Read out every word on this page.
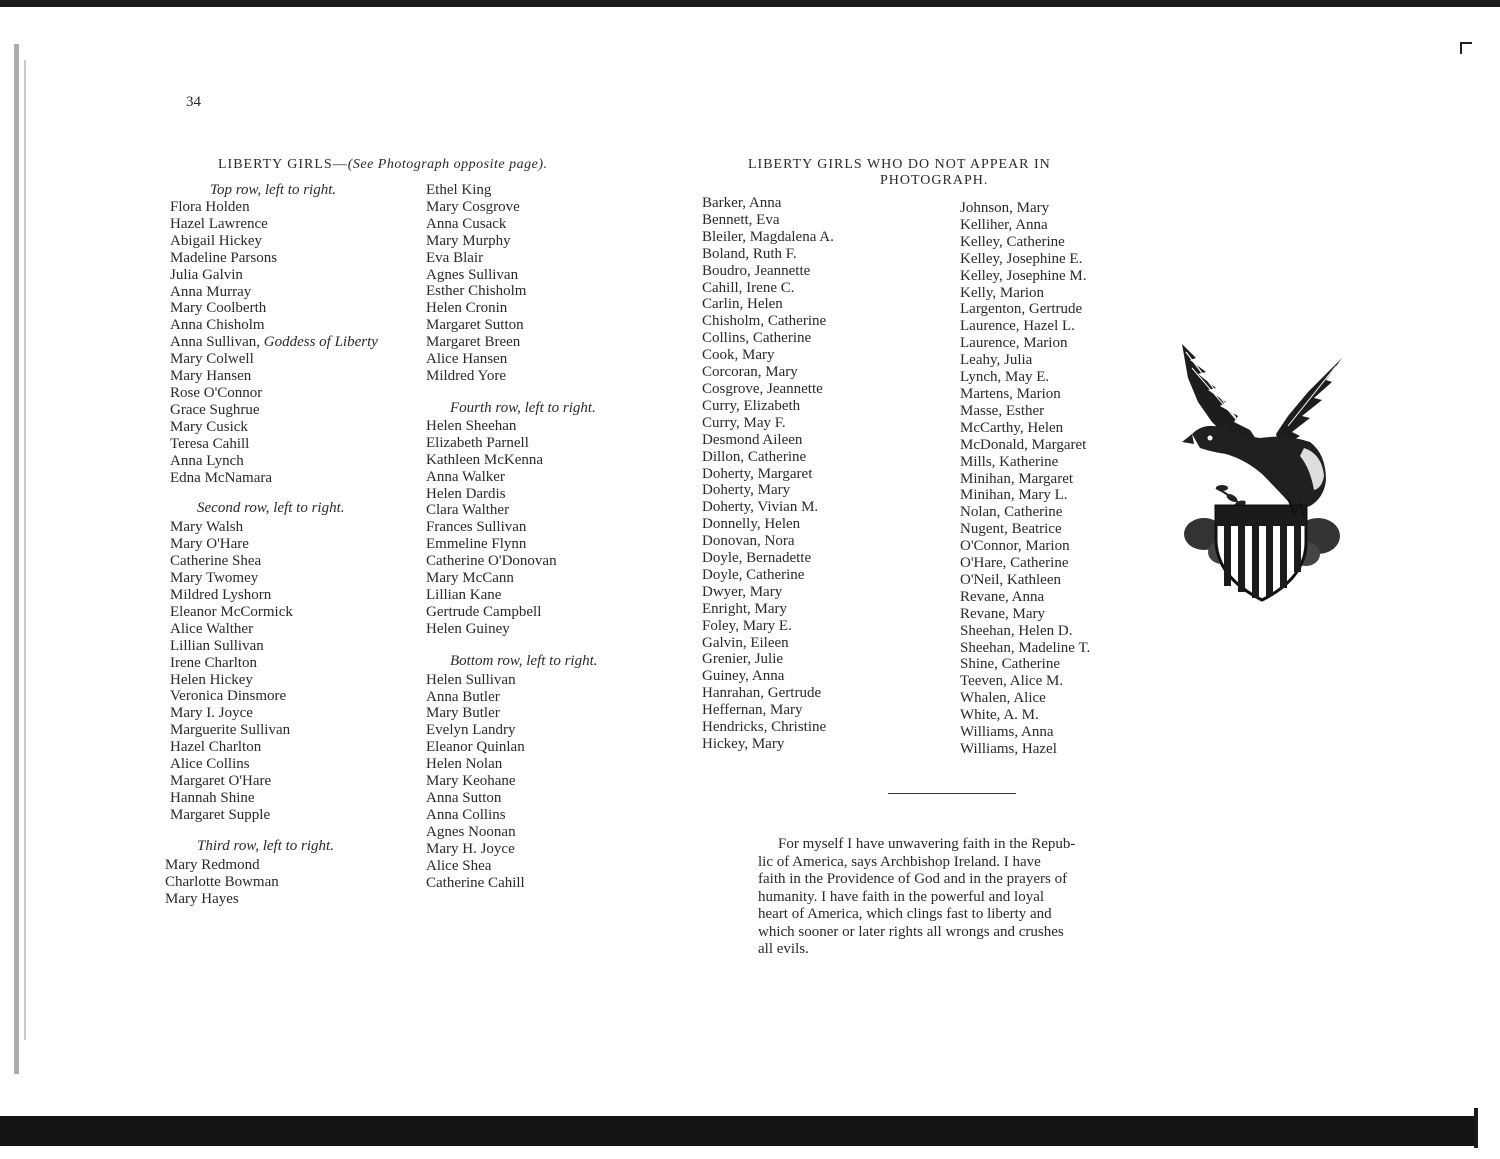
34
LIBERTY GIRLS—(See Photograph opposite page).
Top row, left to right.
Flora Holden
Hazel Lawrence
Abigail Hickey
Madeline Parsons
Julia Galvin
Anna Murray
Mary Coolberth
Anna Chisholm
Anna Sullivan, Goddess of Liberty
Mary Colwell
Mary Hansen
Rose O'Connor
Grace Sughrue
Mary Cusick
Teresa Cahill
Anna Lynch
Edna McNamara
Second row, left to right.
Mary Walsh
Mary O'Hare
Catherine Shea
Mary Twomey
Mildred Lyshorn
Eleanor McCormick
Alice Walther
Lillian Sullivan
Irene Charlton
Helen Hickey
Veronica Dinsmore
Mary I. Joyce
Marguerite Sullivan
Hazel Charlton
Alice Collins
Margaret O'Hare
Hannah Shine
Margaret Supple
Third row, left to right.
Mary Redmond
Charlotte Bowman
Mary Hayes
Ethel King
Mary Cosgrove
Anna Cusack
Mary Murphy
Eva Blair
Agnes Sullivan
Esther Chisholm
Helen Cronin
Margaret Sutton
Margaret Breen
Alice Hansen
Mildred Yore
Fourth row, left to right.
Helen Sheehan
Elizabeth Parnell
Kathleen McKenna
Anna Walker
Helen Dardis
Clara Walther
Frances Sullivan
Emmeline Flynn
Catherine O'Donovan
Mary McCann
Lillian Kane
Gertrude Campbell
Helen Guiney
Bottom row, left to right.
Helen Sullivan
Anna Butler
Mary Butler
Evelyn Landry
Eleanor Quinlan
Helen Nolan
Mary Keohane
Anna Sutton
Anna Collins
Agnes Noonan
Mary H. Joyce
Alice Shea
Catherine Cahill
LIBERTY GIRLS WHO DO NOT APPEAR IN
PHOTOGRAPH.
Barker, Anna
Bennett, Eva
Bleiler, Magdalena A.
Boland, Ruth F.
Boudro, Jeannette
Cahill, Irene C.
Carlin, Helen
Chisholm, Catherine
Collins, Catherine
Cook, Mary
Corcoran, Mary
Cosgrove, Jeannette
Curry, Elizabeth
Curry, May F.
Desmond Aileen
Dillon, Catherine
Doherty, Margaret
Doherty, Mary
Doherty, Vivian M.
Donnelly, Helen
Donovan, Nora
Doyle, Bernadette
Doyle, Catherine
Dwyer, Mary
Enright, Mary
Foley, Mary E.
Galvin, Eileen
Grenier, Julie
Guiney, Anna
Hanrahan, Gertrude
Heffernan, Mary
Hendricks, Christine
Hickey, Mary
Johnson, Mary
Kelliher, Anna
Kelley, Catherine
Kelley, Josephine E.
Kelley, Josephine M.
Kelly, Marion
Largenton, Gertrude
Laurence, Hazel L.
Laurence, Marion
Leahy, Julia
Lynch, May E.
Martens, Marion
Masse, Esther
McCarthy, Helen
McDonald, Margaret
Mills, Katherine
Minihan, Margaret
Minihan, Mary L.
Nolan, Catherine
Nugent, Beatrice
O'Connor, Marion
O'Hare, Catherine
O'Neil, Kathleen
Revane, Anna
Revane, Mary
Sheehan, Helen D.
Sheehan, Madeline T.
Shine, Catherine
Teeven, Alice M.
Whalen, Alice
White, A. M.
Williams, Anna
Williams, Hazel
For myself I have unwavering faith in the Repub-
lic of America, says Archbishop Ireland. I have
faith in the Providence of God and in the prayers of
humanity. I have faith in the powerful and loyal
heart of America, which clings fast to liberty and
which sooner or later rights all wrongs and crushes
all evils.
